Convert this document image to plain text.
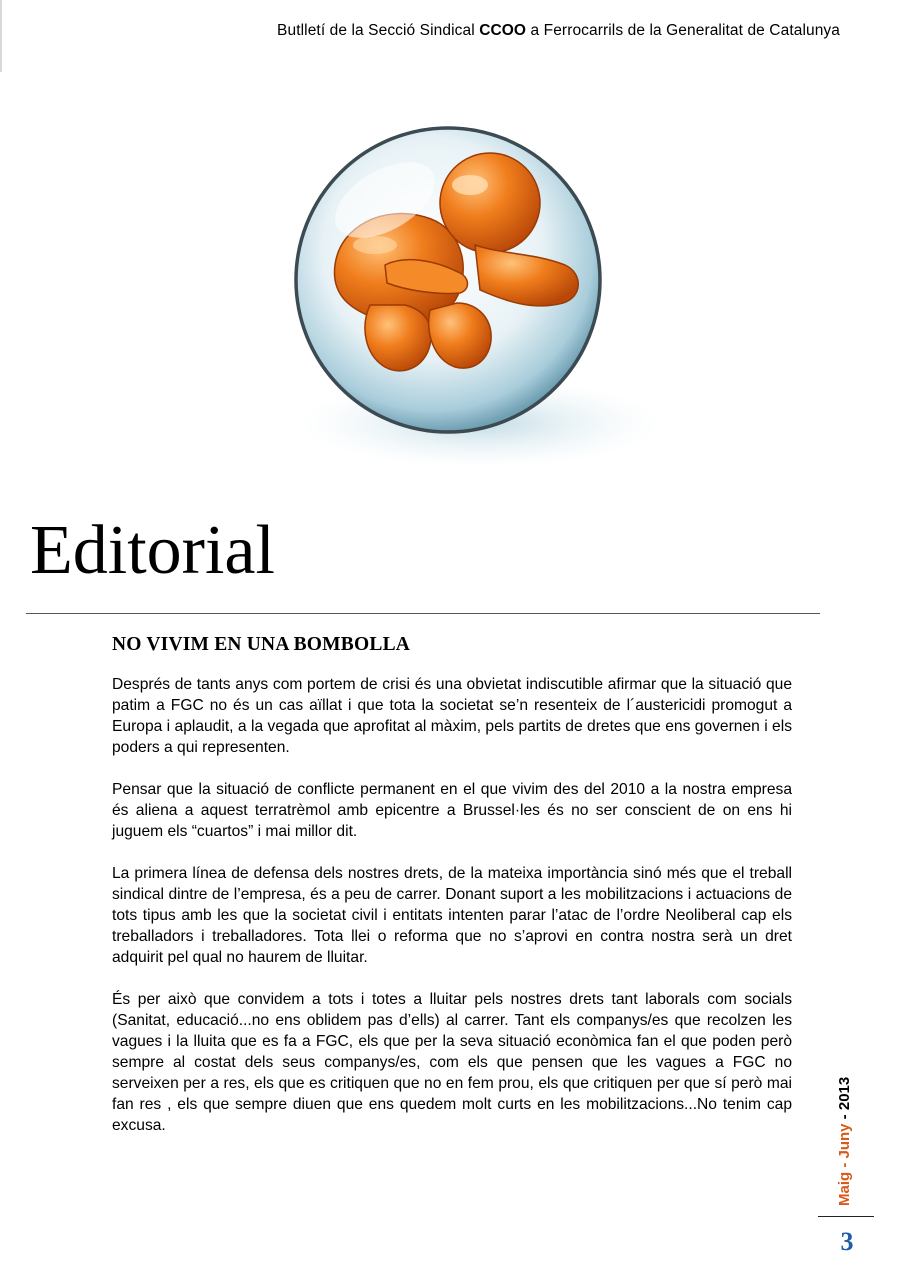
Butlletí de la Secció Sindical CCOO a Ferrocarrils de la Generalitat de Catalunya
Editorial
NO VIVIM EN UNA BOMBOLLA

Després de tants anys com portem de crisi és una obvietat indiscutible afirmar que la situació que patim a FGC no és un cas aïllat i que tota la societat se’n resenteix de l´austericidi promogut a Europa i aplaudit, a la vegada que aprofitat al màxim, pels partits de dretes que ens governen i els poders a qui representen.

Pensar que la situació de conflicte permanent en el que vivim des del 2010 a la nostra empresa és aliena a aquest terratrèmol amb epicentre a Brussel·les és no ser conscient de on ens hi juguem els “cuartos” i mai millor dit.

La primera línea de defensa dels nostres drets, de la mateixa importància sinó més que el treball sindical dintre de l’empresa, és a peu de carrer. Donant suport a les mobilitzacions i actuacions de tots tipus amb les que la societat civil i entitats intenten parar l’atac de l’ordre Neoliberal cap els treballadors i treballadores. Tota llei o reforma que no s’aprovi en contra nostra serà un dret adquirit pel qual no haurem de lluitar.

És per això que convidem a tots i totes a lluitar pels nostres drets tant laborals com socials (Sanitat, educació...no ens oblidem pas d’ells) al carrer. Tant els companys/es que recolzen les vagues i la lluita que es fa a FGC, els que per la seva situació econòmica fan el que poden però sempre al costat dels seus companys/es, com els que pensen que les vagues a FGC no serveixen per a res, els que es critiquen que no en fem prou, els que critiquen per que sí però mai fan res , els que sempre diuen que ens quedem molt curts en les mobilitzacions...No tenim cap excusa.	Maig - Juny - 2013
3
